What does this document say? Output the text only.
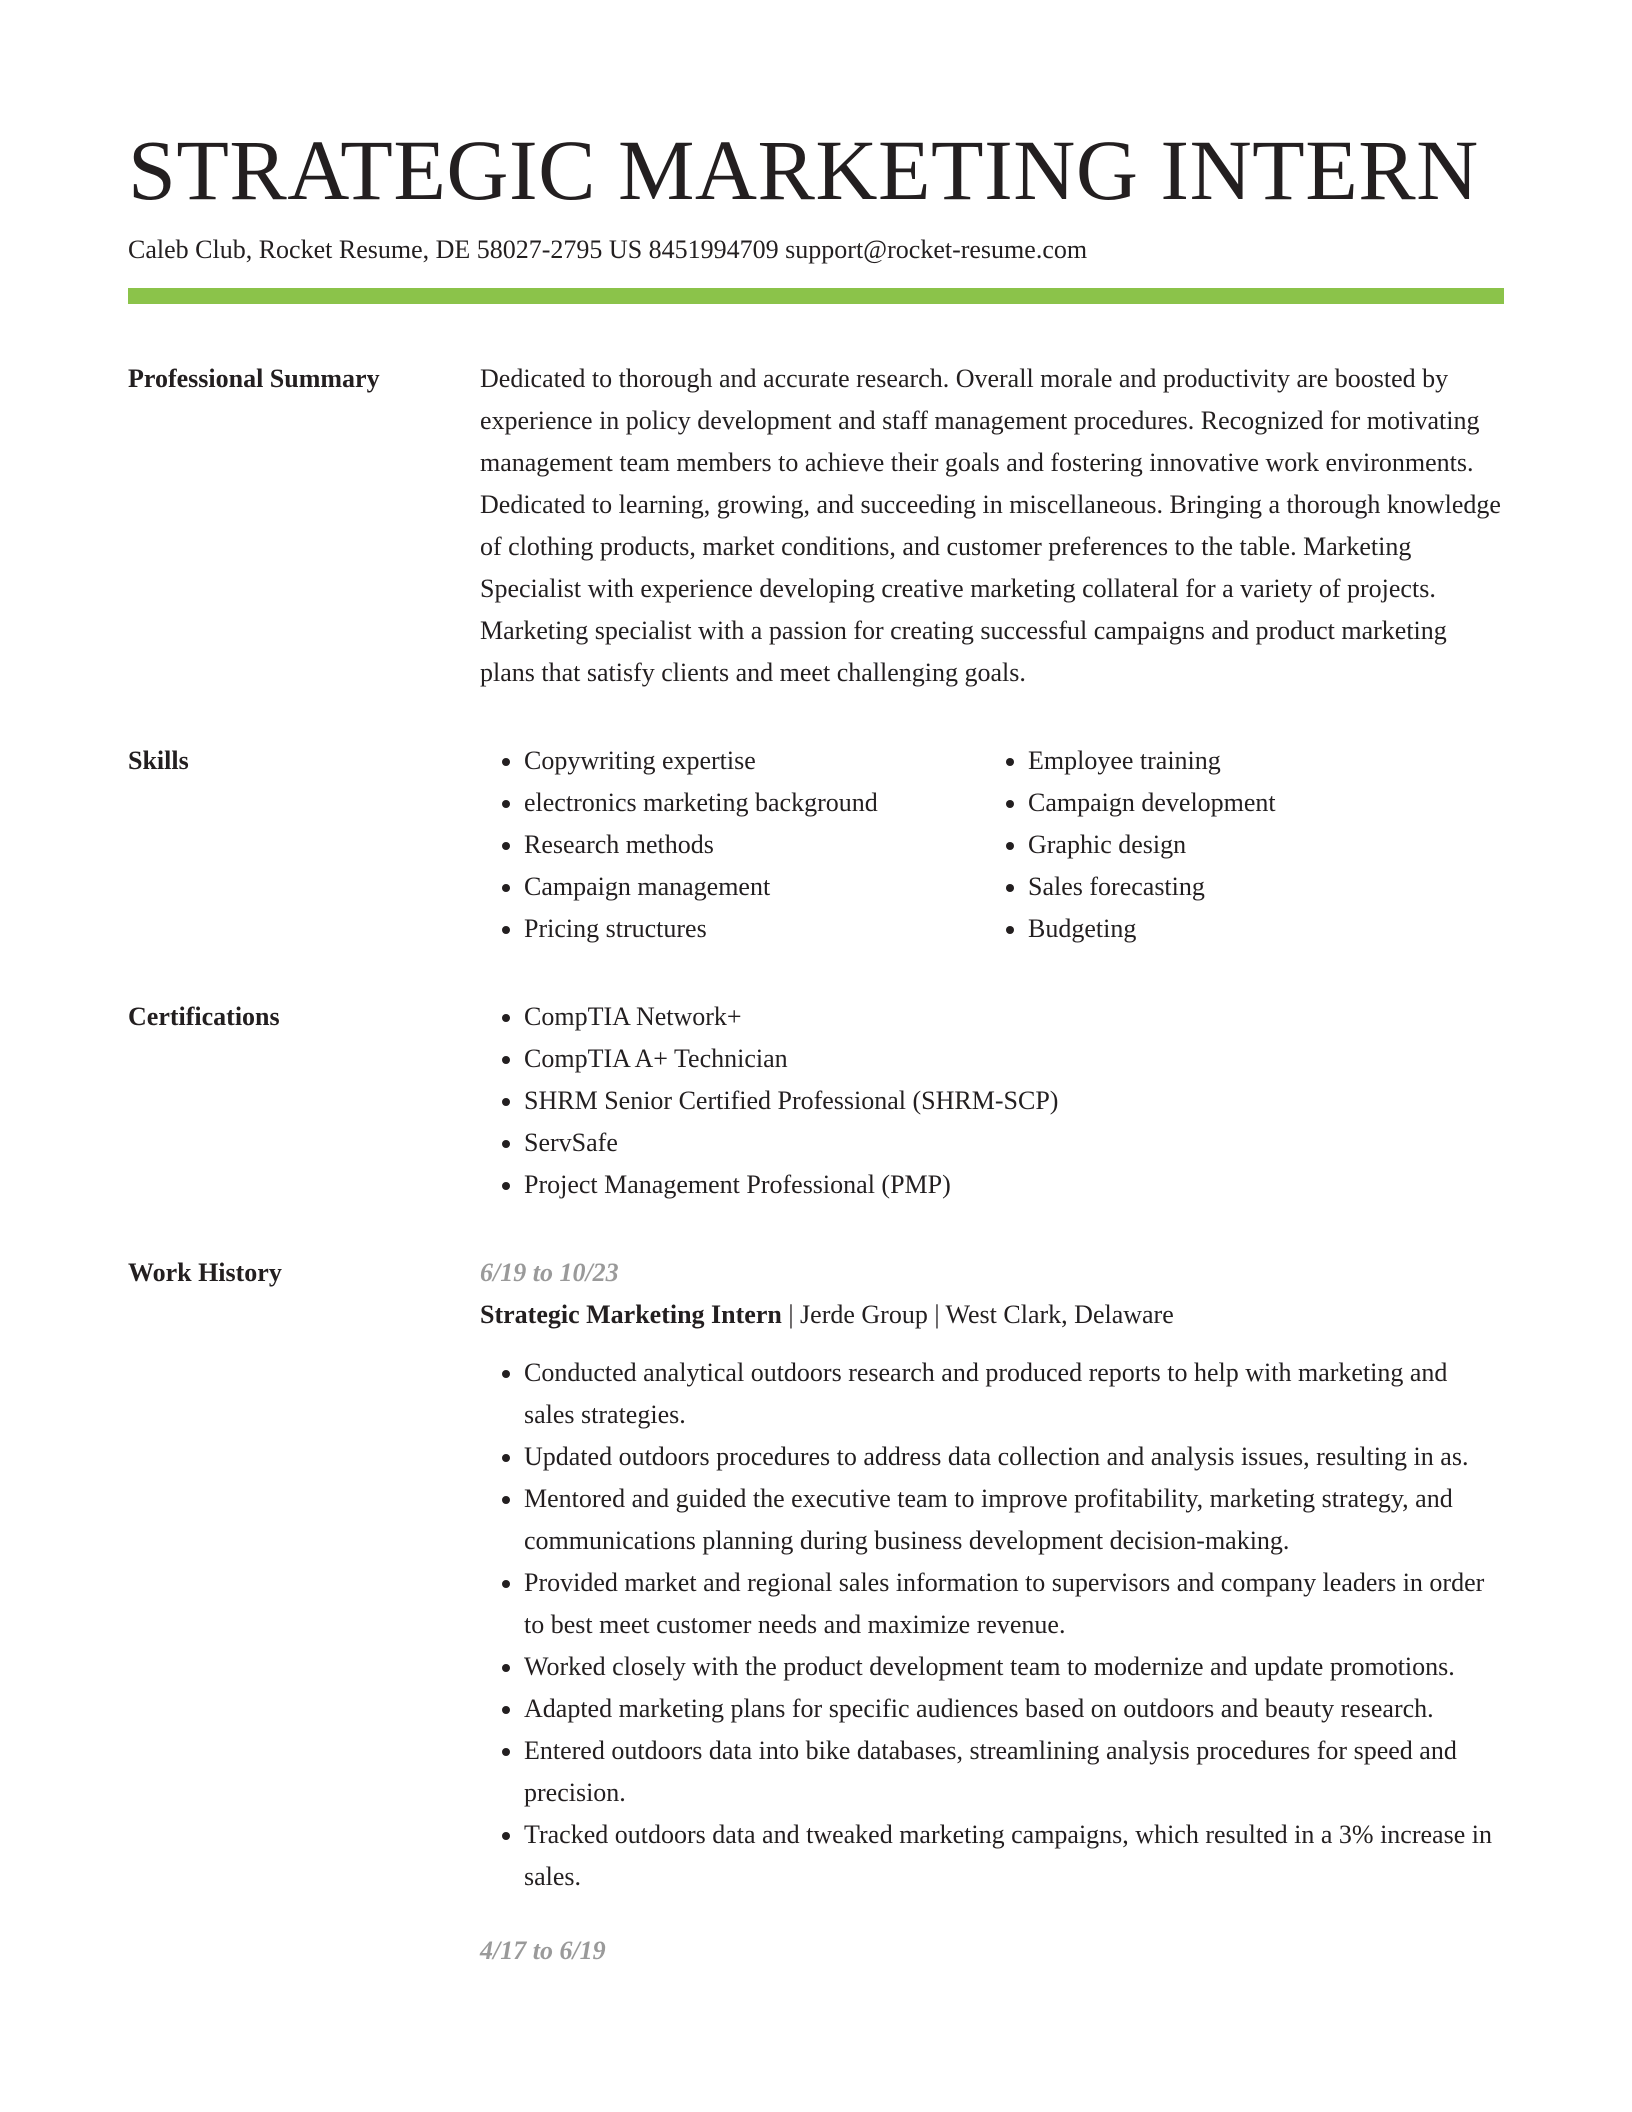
STRATEGIC MARKETING INTERN
Caleb Club, Rocket Resume, DE 58027-2795 US 8451994709 support@rocket-resume.com
Professional Summary	Dedicated to thorough and accurate research. Overall morale and productivity are boosted by experience in policy development and staff management procedures. Recognized for motivating management team members to achieve their goals and fostering innovative work environments. Dedicated to learning, growing, and succeeding in miscellaneous. Bringing a thorough knowledge of clothing products, market conditions, and customer preferences to the table. Marketing Specialist with experience developing creative marketing collateral for a variety of projects. Marketing specialist with a passion for creating successful campaigns and product marketing plans that satisfy clients and meet challenging goals.

Skills	• Copywriting expertise
• electronics marketing background
• Research methods
• Campaign management
• Pricing structures
• Employee training
• Campaign development
• Graphic design
• Sales forecasting
• Budgeting
Certifications	• CompTIA Network+
• CompTIA A+ Technician
• SHRM Senior Certified Professional (SHRM-SCP)
• ServSafe
• Project Management Professional (PMP)
Work History	6/19 to 10/23
Strategic Marketing Intern | Jerde Group | West Clark, Delaware
• Conducted analytical outdoors research and produced reports to help with marketing and sales strategies.
• Updated outdoors procedures to address data collection and analysis issues, resulting in as.
• Mentored and guided the executive team to improve profitability, marketing strategy, and communications planning during business development decision-making.
• Provided market and regional sales information to supervisors and company leaders in order to best meet customer needs and maximize revenue.
• Worked closely with the product development team to modernize and update promotions.
• Adapted marketing plans for specific audiences based on outdoors and beauty research.
• Entered outdoors data into bike databases, streamlining analysis procedures for speed and precision.
• Tracked outdoors data and tweaked marketing campaigns, which resulted in a 3% increase in sales.
4/17 to 6/19
